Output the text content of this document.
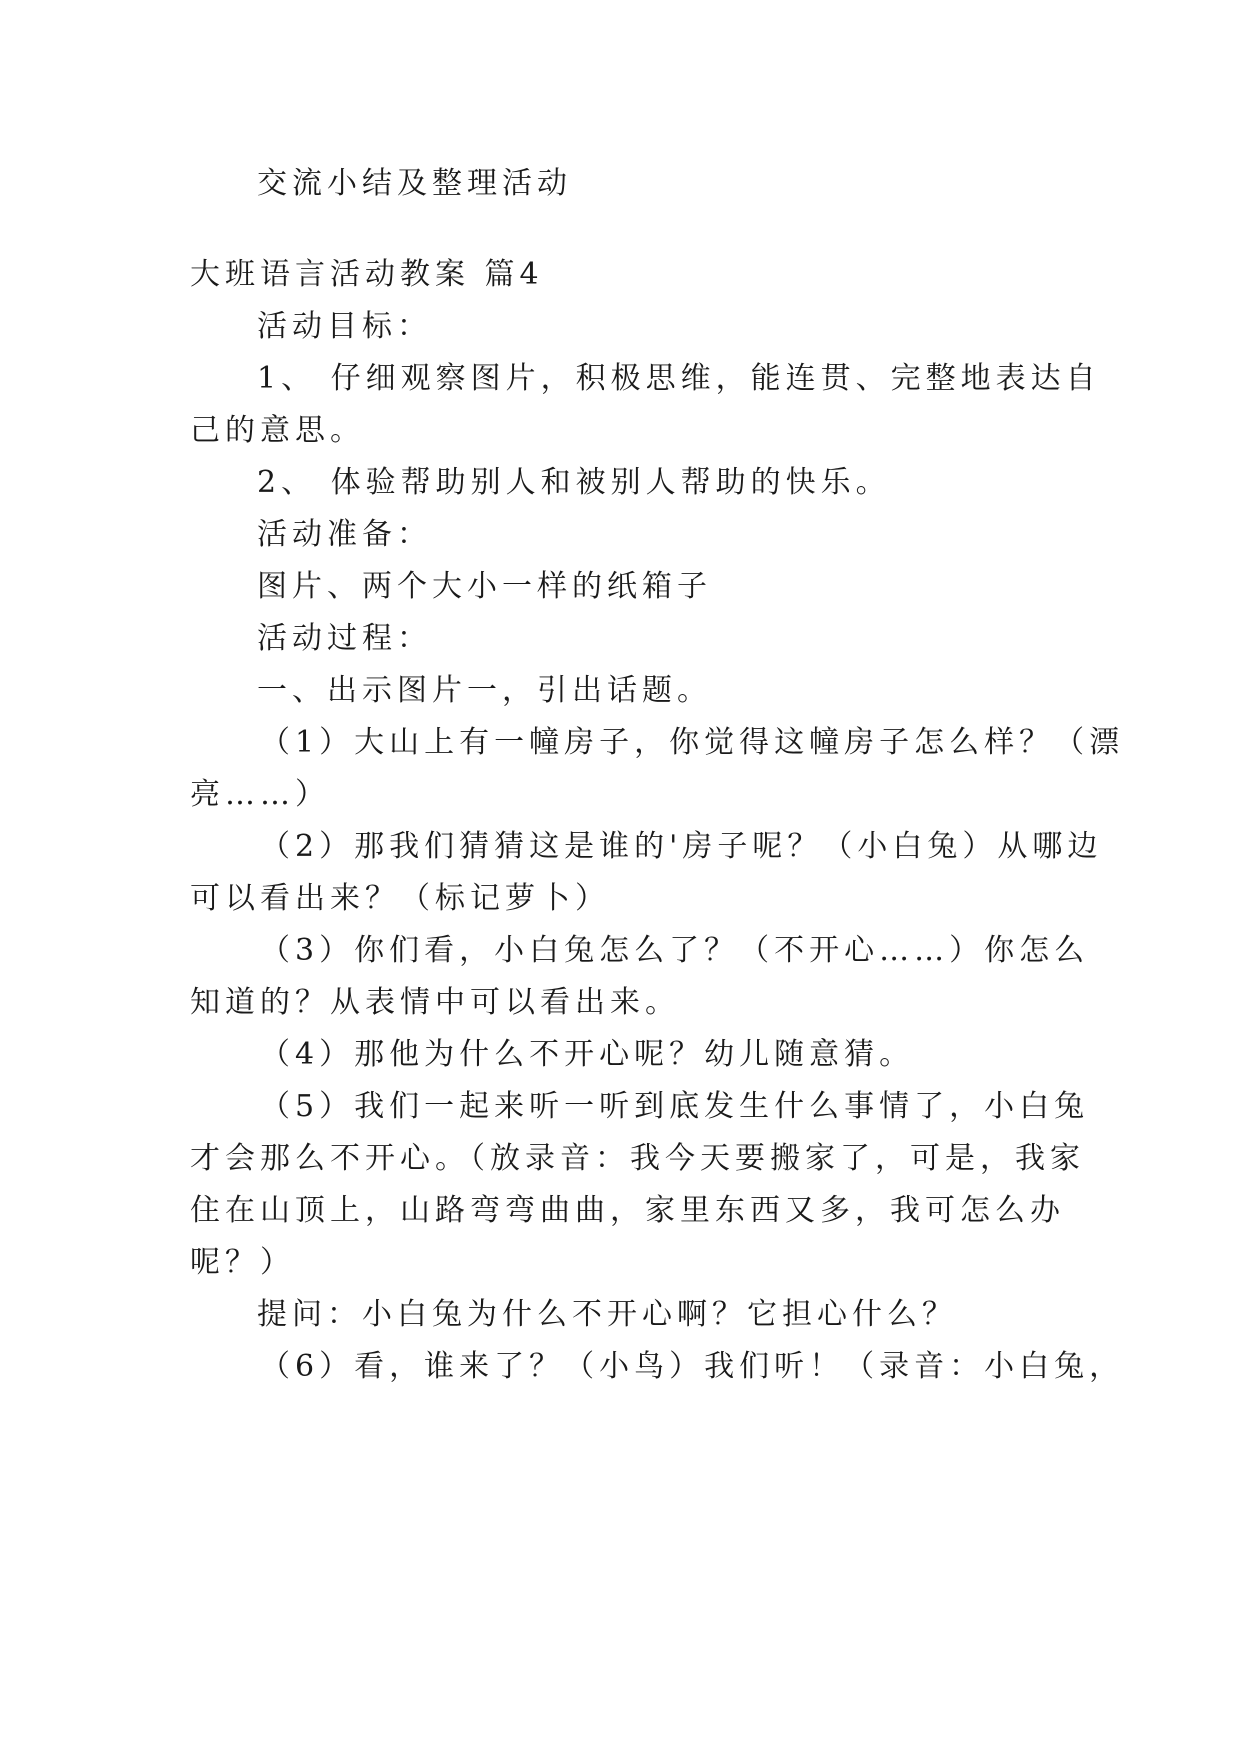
交流小结及整理活动
大班语言活动教案 篇4
活动目标：
1、 仔细观察图片，积极思维，能连贯、完整地表达自
己的意思。
2、 体验帮助别人和被别人帮助的快乐。
活动准备：
图片、两个大小一样的纸箱子
活动过程：
一、出示图片一，引出话题。
（1）大山上有一幢房子，你觉得这幢房子怎么样？（漂
亮……）
（2）那我们猜猜这是谁的'房子呢？（小白兔）从哪边
可以看出来？（标记萝卜）
（3）你们看，小白兔怎么了？（不开心……）你怎么
知道的？从表情中可以看出来。
（4）那他为什么不开心呢？幼儿随意猜。
（5）我们一起来听一听到底发生什么事情了，小白兔
才会那么不开心。（放录音：我今天要搬家了，可是，我家
住在山顶上，山路弯弯曲曲，家里东西又多，我可怎么办
呢？）
提问：小白兔为什么不开心啊？它担心什么？
（6）看，谁来了？（小鸟）我们听！（录音：小白兔，
